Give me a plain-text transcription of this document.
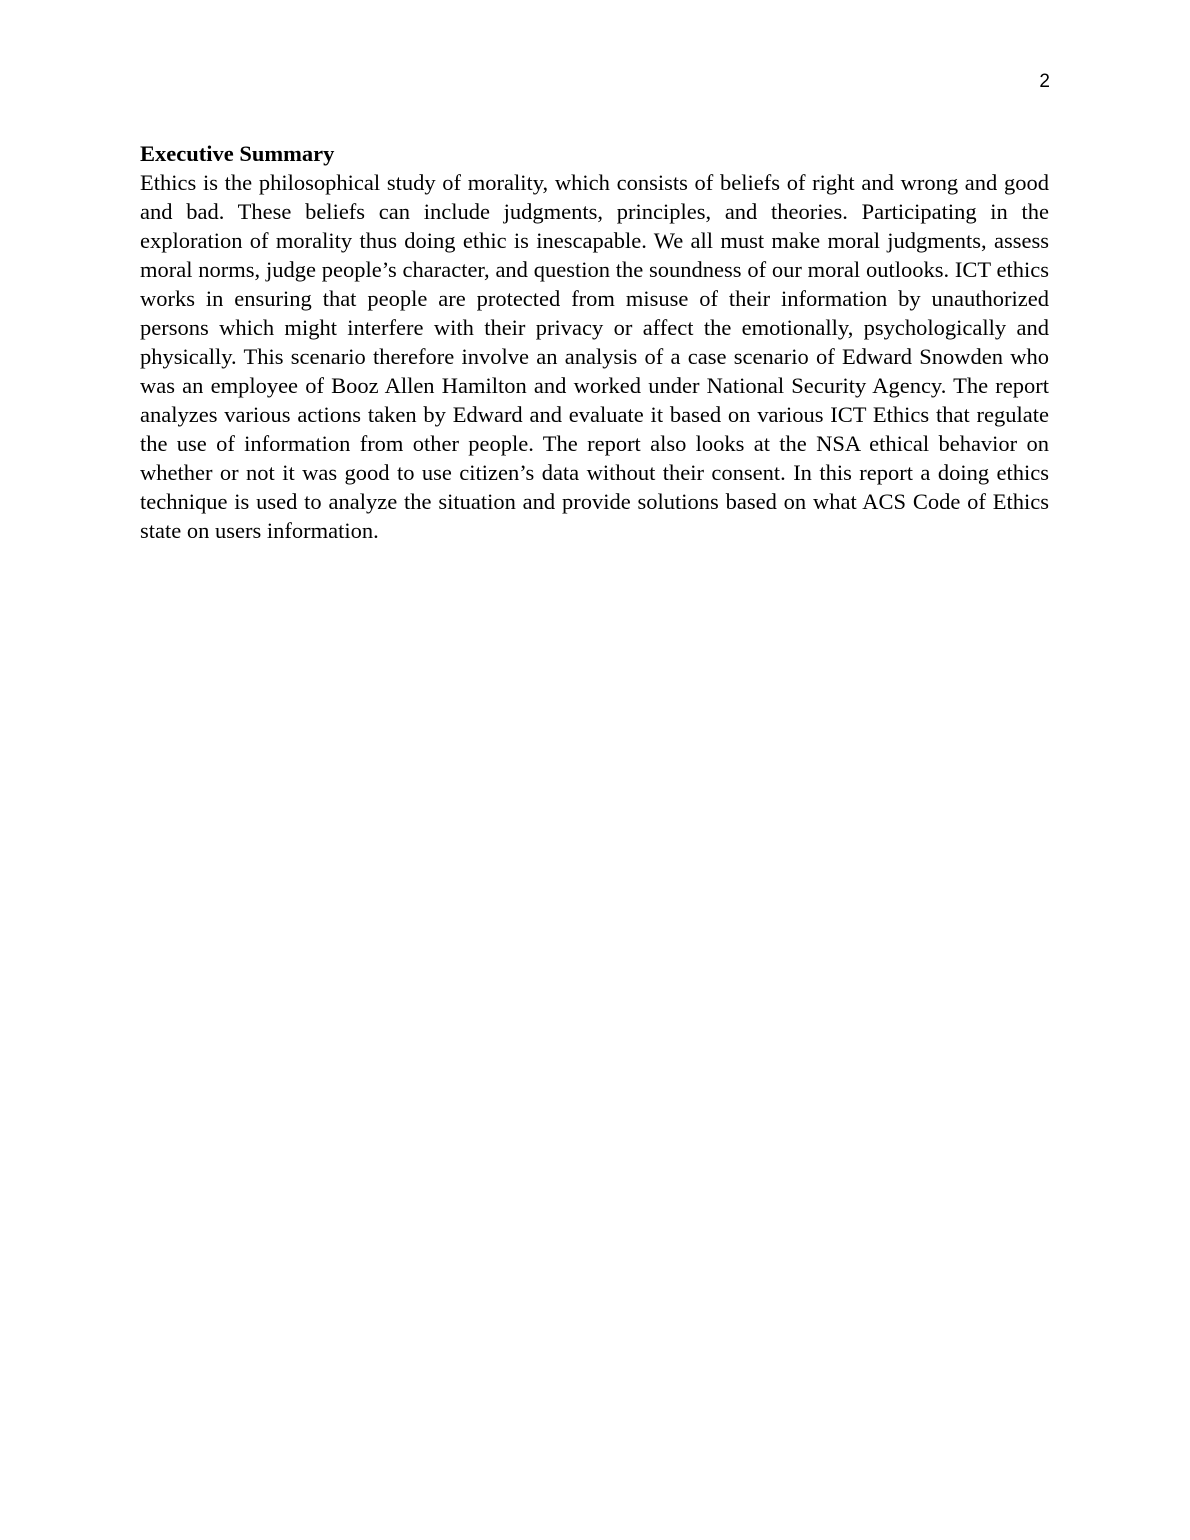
2

Executive Summary

Ethics is the philosophical study of morality, which consists of beliefs of right and wrong and good and bad. These beliefs can include judgments, principles, and theories. Participating in the exploration of morality thus doing ethic is inescapable. We all must make moral judgments, assess moral norms, judge people’s character, and question the soundness of our moral outlooks. ICT ethics works in ensuring that people are protected from misuse of their information by unauthorized persons which might interfere with their privacy or affect the emotionally, psychologically and physically. This scenario therefore involve an analysis of a case scenario of Edward Snowden who was an employee of Booz Allen Hamilton and worked under National Security Agency. The report analyzes various actions taken by Edward and evaluate it based on various ICT Ethics that regulate the use of information from other people. The report also looks at the NSA ethical behavior on whether or not it was good to use citizen’s data without their consent. In this report a doing ethics technique is used to analyze the situation and provide solutions based on what ACS Code of Ethics state on users information.
